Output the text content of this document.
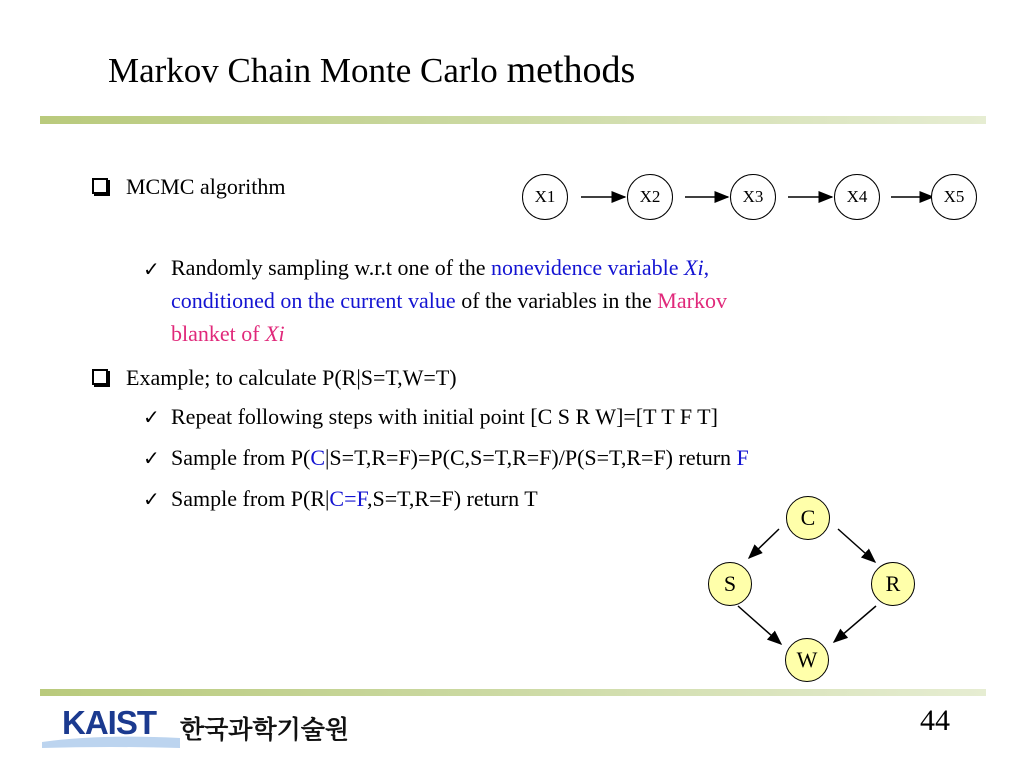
Markov Chain Monte Carlo methods
MCMC algorithm
✓ Randomly sampling w.r.t one of the nonevidence variable Xi,
conditioned on the current value of the variables in the Markov
blanket of Xi
Example; to calculate P(R|S=T,W=T)
✓ Repeat following steps with initial point [C S R W]=[T T F T]
✓ Sample from P(C|S=T,R=F)=P(C,S=T,R=F)/P(S=T,R=F) return F
✓ Sample from P(R|C=F,S=T,R=F) return T
X1	X2	X3	X4	X5
C
S	R
W
KAIST 한국과학기술원	44
